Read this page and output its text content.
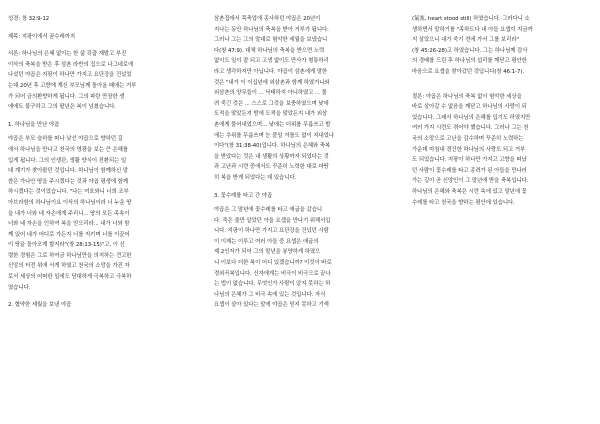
성경: 창 32:9-12
제목: 지팡이에서 꿈수레까지
서론: 하나님의 은혜 없이는 한 삶 갖춤 재발고 부진
이삭의 축복을 받은 후 삼촌 라반의 집으로 나그네로에
나섰던 야곱은 지팡이 하나만 가지고 요단강을 건넜었
는데 20년 후 고향에 계신 부모님께 돌아올 때에는 거부
가 되어 금의환향하게 됩니다. 그의 파란 만장한 생
애에도 불구하고 그의 팔년은 복이 넘쳤습니다.
1. 하나님을 만난 야곱
야곱은 부모 슬하를 떠나 낯선 야곱으로 향하던 길
에서 하나님을 만나고 천국의 영광을 보는 큰 은혜를
입게 됩니다. 그의 인생관, 생활 양식이 전환되는 일
대 계기가 찾아왔던 것입니다. 하나님이 함께하신 말
씀은 가나안 땅을 주시겠다는 것과 야곱 평생에 함께
하시겠다는 것이었습니다. "나는 여호와니 너희 조부
아브라함의 하나님이요 이삭의 하나님이라 너 누운 땅
을 내가 너와 네 자손에게 주리니... 땅의 모든 족속이
너와 네 자손을 인하여 복을 얻으리라... 내가 너와 함
께 있어 네가 어디로 가든지 너를 지키며 너를 이끌어
이 땅을 돌아오게 할지라"(창 28:13-15)"고. 이 신
령한 경험은 그로 하여금 하나님만을 의지하는 견고한
신앙의 터전 위에 서게 하였고 천국의 소망을 가진 자
로서 세상의 어떠한 일에도 담대하게 극복하고 극복하
였습니다.
2. 협약한 세월을 보낸 야곱
삼촌집에서 목축업에 종사하던 야곱은 20년이
지나는 동안 하나님의 축복을 받아 거부가 됩니다.
그러나 그는 그의 말대로 험악한 세월을 보냈습니
다(창 47:9). 대체 하나님의 축복을 받으면 노력
없이도 일이 잘 되고 고생 없이도 만사가 형통하리
라고 생각하지만 아닙니다. 야곱이 삼촌에게 말한
것은 "내가 이 이십년에 외삼촌과 함께 하였거니와
외삼촌의 양무들이 ... 낙태하지 아니하였고 ... 물
려 죽긴 것은 ... 스스로 그것을 보충하였으며 낮에
도적을 맞았든지 밤에 도적을 맞았든지 내가 외삼
촌에게 물어내었으며... 낮에는 더위를 무릅쓰고 밤
에는 추위를 무릅쓰며 눈 붙일 겨를도 없이 지내었나
이다"(창 31:38-40)입니다. 하나님의 은혜와 축복
을 받았다는 것은 내 생활의 상황까지 되었다는 것
과 고난과 시련 중에서도 꾸준히 노력한 대로 마땅
히 복을 받게 되었다는 데 있습니다.
3. 꽃수레를 타고 간 야곱
야곱은 그 말년에 꽃수레를 타고 애굽을 갔습니
다. 죽은 줄만 알았던 아들 요셉을 만나기 위해서입
니다. 지팡이 하나만 가지고 요단강을 건넜던 사람
이 이제는 이루고 여러 아들 중 요셉은 애굽의
제 2인자가 되어 그의 말년을 봉양하게 하였으
니 이보다 더한 복이 어디 있겠습니까? 이것이 바로
경외곡복입니다. 신자에게는 비극이 비극으로 끝나
는 법이 없습니다. 무엇인가 사람이 알지 못하는 하
나님의 은혜가 그 비극 속에 있는 것입니다. 자식
요셉이 살아 있다는 말에 야곱은 믿지 못하고 기색
(氣塞, heart stood still) 하였습니다. 그러다니 소
생하면서 말하기를 "족하도다 내 아들 요셉이 지금까
지 살았으니 내가 죽기 전에 가서 그를 보리라"
(창 45:26-28)고 하였습니다. 그는 하나님께 감사
의 경배를 드린 후 하나님의 섭리를 깨닫고 평안한
마음으로 요셉을 찾아갔던 것입니다(창 46:1-7).
결론: 야곱은 하나님의 축복 없이 험악한 세상을
바로 살아갈 수 없음을 깨닫고 하나님의 사랑이 되
었습니다. 그래서 하나님의 은혜를 입기도 하였지만
여러 가지 시련도 겪어야 했습니다. 그러나 그는 천
국의 소망으로 고난을 감수하며 꾸준히 노력하는
가운데 마침내 경건한 하나님의 사랑도 되고 거부
도 되었습니다. 지팡이 하나만 가지고 고향을 떠났
던 사람이 꽃수레를 타고 종려가 된 아들을 만나러
가는 길이 곧 신앙인이 그 말년에 받을 축복입니다.
하나님의 은혜와 축복은 시련 속에 있고 말년에 꽃
수레를 타고 천국을 향하는 평안에 있습니다.
